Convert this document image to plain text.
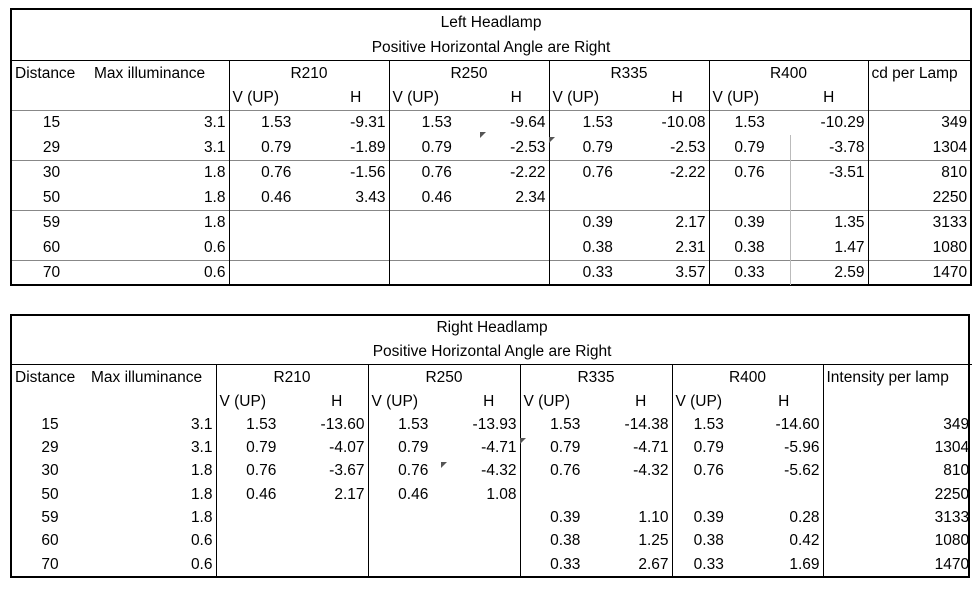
Left Headlamp										
Positive Horizontal Angle are Right										
Distance	Max illuminance	R210		R250		R335		R400		cd per Lamp
		V (UP)	H	V (UP)	H	V (UP)	H	V (UP)	H	
15	3.1	1.53	-9.31	1.53	-9.64	1.53	-10.08	1.53	-10.29	349
29	3.1	0.79	-1.89	0.79	-2.53	0.79	-2.53	0.79	-3.78	1304
30	1.8	0.76	-1.56	0.76	-2.22	0.76	-2.22	0.76	-3.51	810
50	1.8	0.46	3.43	0.46	2.34					2250
59	1.8					0.39	2.17	0.39	1.35	3133
60	0.6					0.38	2.31	0.38	1.47	1080
70	0.6					0.33	3.57	0.33	2.59	1470
Right Headlamp										
Positive Horizontal Angle are Right										
Distance	Max illuminance	R210		R250		R335		R400		Intensity per lamp
		V (UP)	H	V (UP)	H	V (UP)	H	V (UP)	H	
15	3.1	1.53	-13.60	1.53	-13.93	1.53	-14.38	1.53	-14.60	349
29	3.1	0.79	-4.07	0.79	-4.71	0.79	-4.71	0.79	-5.96	1304
30	1.8	0.76	-3.67	0.76	-4.32	0.76	-4.32	0.76	-5.62	810
50	1.8	0.46	2.17	0.46	1.08					2250
59	1.8					0.39	1.10	0.39	0.28	3133
60	0.6					0.38	1.25	0.38	0.42	1080
70	0.6					0.33	2.67	0.33	1.69	1470
